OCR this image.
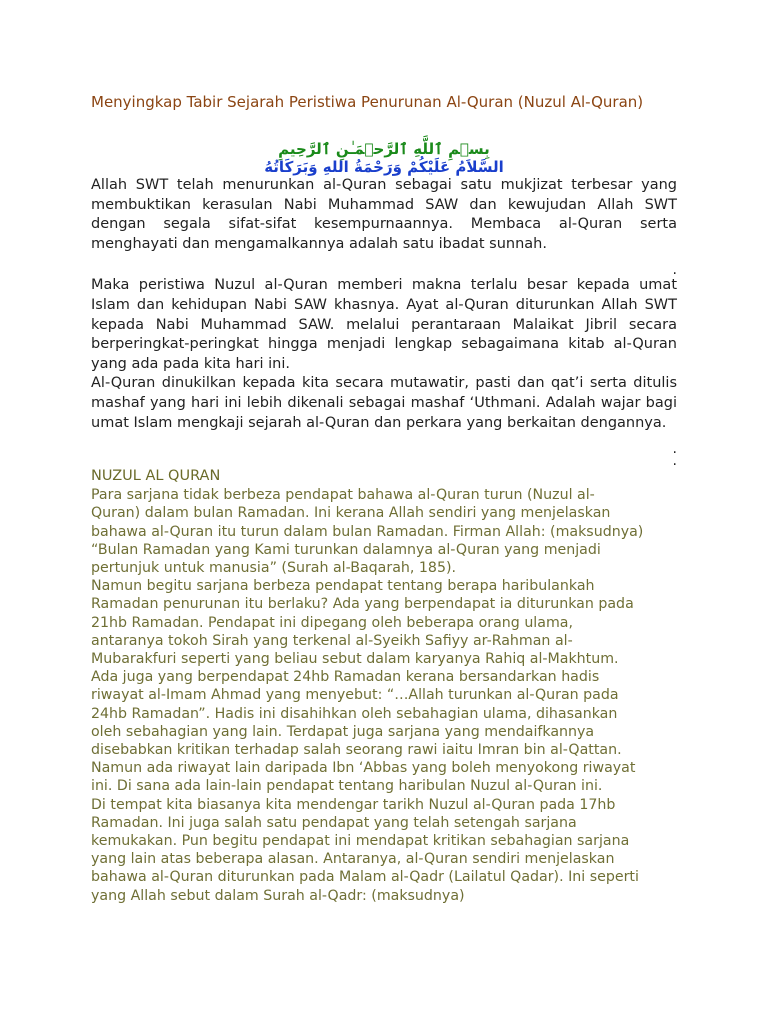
Menyingkap Tabir Sejarah Peristiwa Penurunan Al-Quran (Nuzul Al-Quran)

بِسۡمِ ٱللَّهِ ٱلرَّحۡمَـٰنِ ٱلرَّحِيمِ

السَّلاَمُ عَلَيْكُمْ وَرَحْمَةُ اللهِ وَبَرَكَاتُهُ

Allah SWT telah menurunkan al-Quran sebagai satu mukjizat terbesar yang membuktikan kerasulan Nabi Muhammad SAW dan kewujudan Allah SWT dengan segala sifat-sifat kesempurnaannya. Membaca al-Quran serta menghayati dan mengamalkannya adalah satu ibadat sunnah.

.

Maka peristiwa Nuzul al-Quran memberi makna terlalu besar kepada umat Islam dan kehidupan Nabi SAW khasnya. Ayat al-Quran diturunkan Allah SWT kepada Nabi Muhammad SAW. melalui perantaraan Malaikat Jibril secara berperingkat-peringkat hingga menjadi lengkap sebagaimana kitab al-Quran yang ada pada kita hari ini.

Al-Quran dinukilkan kepada kita secara mutawatir, pasti dan qat’i serta ditulis mashaf yang hari ini lebih dikenali sebagai mashaf ‘Uthmani. Adalah wajar bagi umat Islam mengkaji sejarah al-Quran dan perkara yang berkaitan dengannya.

.

.

NUZUL AL QURAN
Para sarjana tidak berbeza pendapat bahawa al-Quran turun (Nuzul al-
Quran) dalam bulan Ramadan. Ini kerana Allah sendiri yang menjelaskan
bahawa al-Quran itu turun dalam bulan Ramadan. Firman Allah: (maksudnya)
“Bulan Ramadan yang Kami turunkan dalamnya al-Quran yang menjadi
pertunjuk untuk manusia” (Surah al-Baqarah, 185).
Namun begitu sarjana berbeza pendapat tentang berapa haribulankah
Ramadan penurunan itu berlaku? Ada yang berpendapat ia diturunkan pada
21hb Ramadan. Pendapat ini dipegang oleh beberapa orang ulama,
antaranya tokoh Sirah yang terkenal al-Syeikh Safiyy ar-Rahman al-
Mubarakfuri seperti yang beliau sebut dalam karyanya Rahiq al-Makhtum.
Ada juga yang berpendapat 24hb Ramadan kerana bersandarkan hadis
riwayat al-Imam Ahmad yang menyebut: “…Allah turunkan al-Quran pada
24hb Ramadan”. Hadis ini disahihkan oleh sebahagian ulama, dihasankan
oleh sebahagian yang lain. Terdapat juga sarjana yang mendaifkannya
disebabkan kritikan terhadap salah seorang rawi iaitu Imran bin al-Qattan.
Namun ada riwayat lain daripada Ibn ‘Abbas yang boleh menyokong riwayat
ini. Di sana ada lain-lain pendapat tentang haribulan Nuzul al-Quran ini.
Di tempat kita biasanya kita mendengar tarikh Nuzul al-Quran pada 17hb
Ramadan. Ini juga salah satu pendapat yang telah setengah sarjana
kemukakan. Pun begitu pendapat ini mendapat kritikan sebahagian sarjana
yang lain atas beberapa alasan. Antaranya, al-Quran sendiri menjelaskan
bahawa al-Quran diturunkan pada Malam al-Qadr (Lailatul Qadar). Ini seperti
yang Allah sebut dalam Surah al-Qadr: (maksudnya)
